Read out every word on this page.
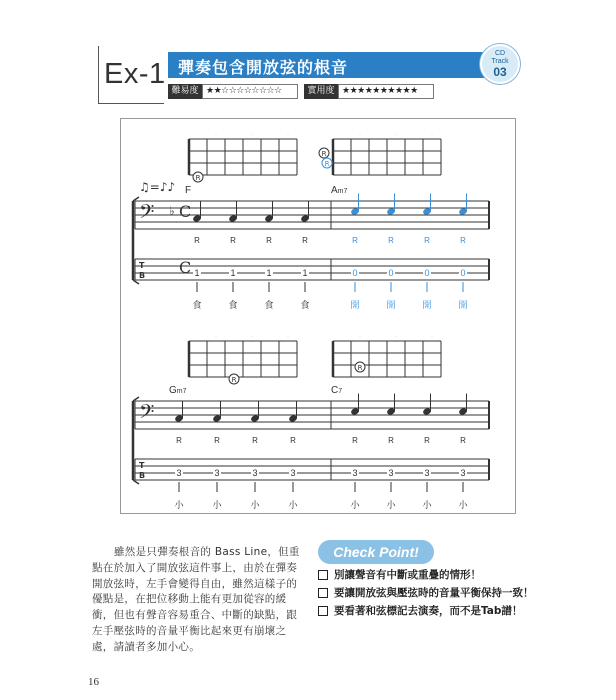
Ex-1 彈奏包含開放弦的根音
CD
Track
03
難易度 ★★☆☆☆☆☆☆☆☆	實用度 ★★★★★★★★★★
·	·	·
R
·	·	·
R
R
♫=♪♪
𝄢 ♭ C
C
T
B
F
R
1
食
R
1
食
R
1
食
R
1
食
Am7
R
0
開
R
0
開
R
0
開
R
0
開
·	·	·
R
·	·	·
R
𝄢
T
B
Gm7
R
3
小
R
3
小
R
3
小
R
3
小
C7
R
3
小
R
3
小
R
3
小
R
3
小

雖然是只彈奏根音的 Bass Line，但重點在於加入了開放弦這件事上，由於在彈奏開放弦時，左手會變得自由，雖然這樣子的優點是，在把位移動上能有更加從容的緩衝，但也有聲音容易重合、中斷的缺點，跟左手壓弦時的音量平衡比起來更有崩壞之處，請讀者多加小心。

Check Point!
別讓聲音有中斷或重疊的情形！
要讓開放弦與壓弦時的音量平衡保持一致！
要看著和弦標記去演奏，而不是Tab譜！
16
